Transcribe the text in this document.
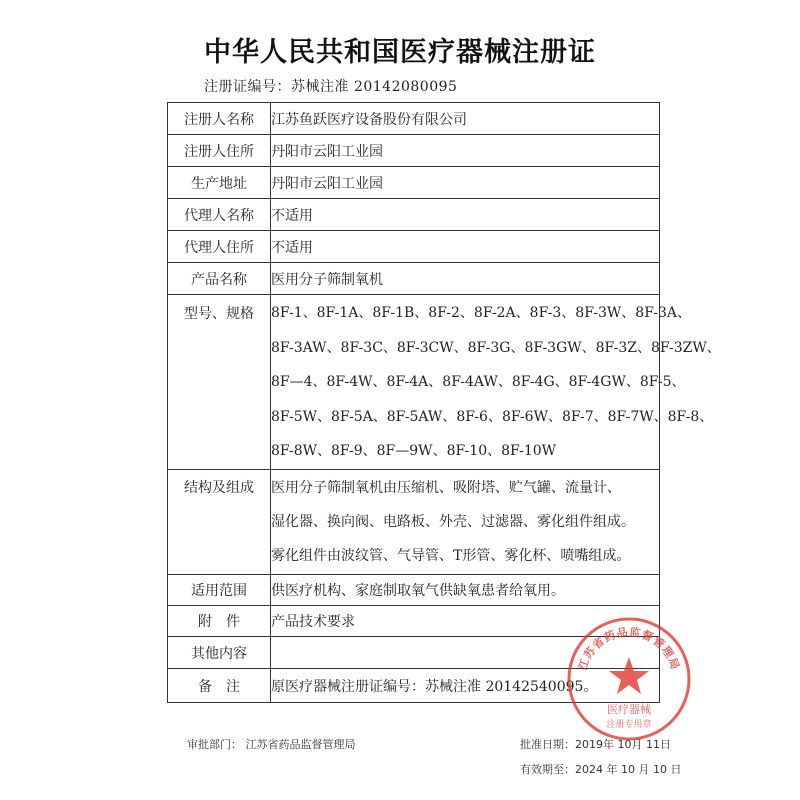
中华人民共和国医疗器械注册证
注册证编号：苏械注准 20142080095
注册人名称	江苏鱼跃医疗设备股份有限公司
注册人住所	丹阳市云阳工业园
生产地址	丹阳市云阳工业园
代理人名称	不适用
代理人住所	不适用
产品名称	医用分子筛制氧机
型号、规格	8F-1、8F-1A、8F-1B、8F-2、8F-2A、8F-3、8F-3W、8F-3A、
8F-3AW、8F-3C、8F-3CW、8F-3G、8F-3GW、8F-3Z、8F-3ZW、
8F—4、8F-4W、8F-4A、8F-4AW、8F-4G、8F-4GW、8F-5、
8F-5W、8F-5A、8F-5AW、8F-6、8F-6W、8F-7、8F-7W、8F-8、
8F-8W、8F-9、8F—9W、8F-10、8F-10W

结构及组成	医用分子筛制氧机由压缩机、吸附塔、贮气罐、流量计、
湿化器、换向阀、电路板、外壳、过滤器、雾化组件组成。
雾化组件由波纹管、气导管、T形管、雾化杯、喷嘴组成。

适用范围	供医疗机构、家庭制取氧气供缺氧患者给氧用。
附　件	产品技术要求
其他内容	
备　注	原医疗器械注册证编号：苏械注准 20142540095。
审批部门： 江苏省药品监督管理局	批准日期：2019年 10月 11日
有效期至：2024 年 10 月 10 日
江苏省药品监督管理局
医疗器械
注册专用章
